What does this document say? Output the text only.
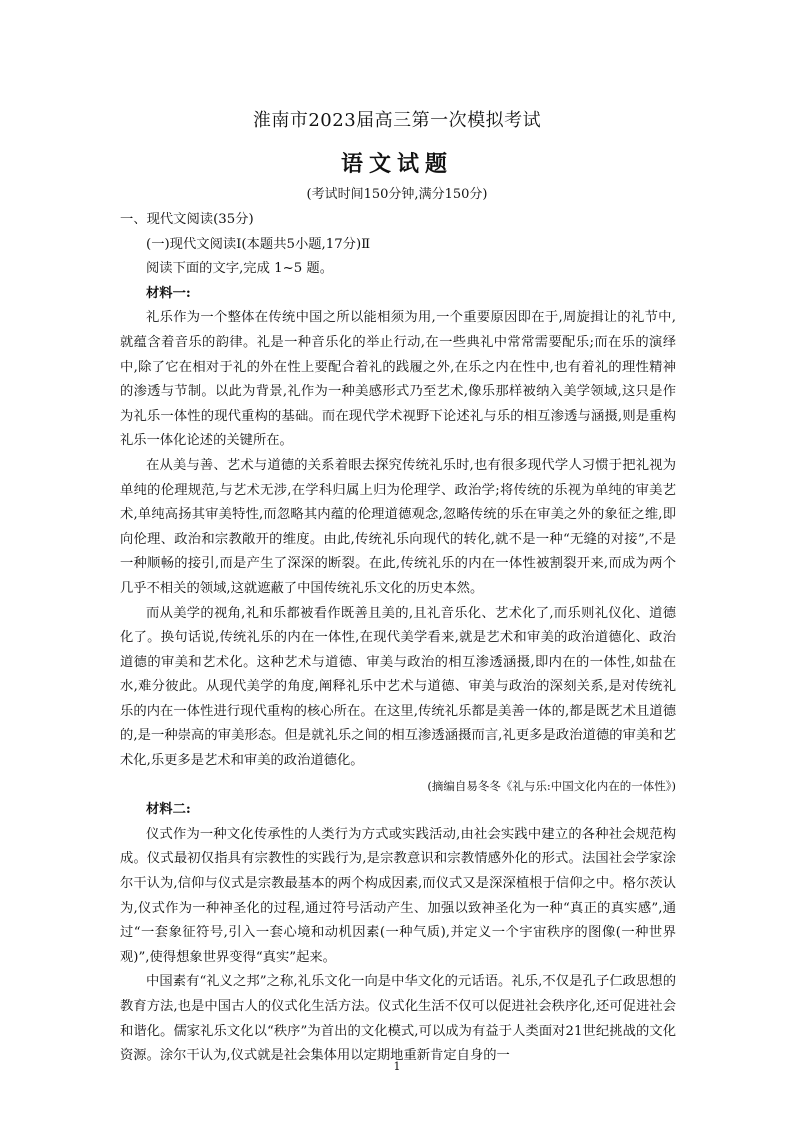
淮南市2023届高三第一次模拟考试
语文试题
(考试时间150分钟,满分150分)

一、现代文阅读(35分)

(一)现代文阅读Ⅰ(本题共5小题,17分)Ⅱ

阅读下面的文字,完成 1~5 题。

材料一:

礼乐作为一个整体在传统中国之所以能相须为用,一个重要原因即在于,周旋揖让的礼节中,就蕴含着音乐的韵律。礼是一种音乐化的举止行动,在一些典礼中常常需要配乐;而在乐的演绎中,除了它在相对于礼的外在性上要配合着礼的践履之外,在乐之内在性中,也有着礼的理性精神的渗透与节制。以此为背景,礼作为一种美感形式乃至艺术,像乐那样被纳入美学领域,这只是作为礼乐一体性的现代重构的基础。而在现代学术视野下论述礼与乐的相互渗透与涵摄,则是重构礼乐一体化论述的关键所在。

在从美与善、艺术与道德的关系着眼去探究传统礼乐时,也有很多现代学人习惯于把礼视为单纯的伦理规范,与艺术无涉,在学科归属上归为伦理学、政治学;将传统的乐视为单纯的审美艺术,单纯高扬其审美特性,而忽略其内蕴的伦理道德观念,忽略传统的乐在审美之外的象征之维,即向伦理、政治和宗教敞开的维度。由此,传统礼乐向现代的转化,就不是一种“无缝的对接”,不是一种顺畅的接引,而是产生了深深的断裂。在此,传统礼乐的内在一体性被割裂开来,而成为两个几乎不相关的领域,这就遮蔽了中国传统礼乐文化的历史本然。

而从美学的视角,礼和乐都被看作既善且美的,且礼音乐化、艺术化了,而乐则礼仪化、道德化了。换句话说,传统礼乐的内在一体性,在现代美学看来,就是艺术和审美的政治道德化、政治道德的审美和艺术化。这种艺术与道德、审美与政治的相互渗透涵摄,即内在的一体性,如盐在水,难分彼此。从现代美学的角度,阐释礼乐中艺术与道德、审美与政治的深刻关系,是对传统礼乐的内在一体性进行现代重构的核心所在。在这里,传统礼乐都是美善一体的,都是既艺术且道德的,是一种崇高的审美形态。但是就礼乐之间的相互渗透涵摄而言,礼更多是政治道德的审美和艺术化,乐更多是艺术和审美的政治道德化。

(摘编自易冬冬《礼与乐:中国文化内在的一体性》)

材料二:

仪式作为一种文化传承性的人类行为方式或实践活动,由社会实践中建立的各种社会规范构成。仪式最初仅指具有宗教性的实践行为,是宗教意识和宗教情感外化的形式。法国社会学家涂尔干认为,信仰与仪式是宗教最基本的两个构成因素,而仪式又是深深植根于信仰之中。格尔茨认为,仪式作为一种神圣化的过程,通过符号活动产生、加强以致神圣化为一种“真正的真实感”,通过“一套象征符号,引入一套心境和动机因素(一种气质),并定义一个宇宙秩序的图像(一种世界观)”,使得想象世界变得“真实”起来。

中国素有“礼义之邦”之称,礼乐文化一向是中华文化的元话语。礼乐,不仅是孔子仁政思想的教育方法,也是中国古人的仪式化生活方法。仪式化生活不仅可以促进社会秩序化,还可促进社会和谐化。儒家礼乐文化以“秩序”为首出的文化模式,可以成为有益于人类面对21世纪挑战的文化资源。涂尔干认为,仪式就是社会集体用以定期地重新肯定自身的一

1
